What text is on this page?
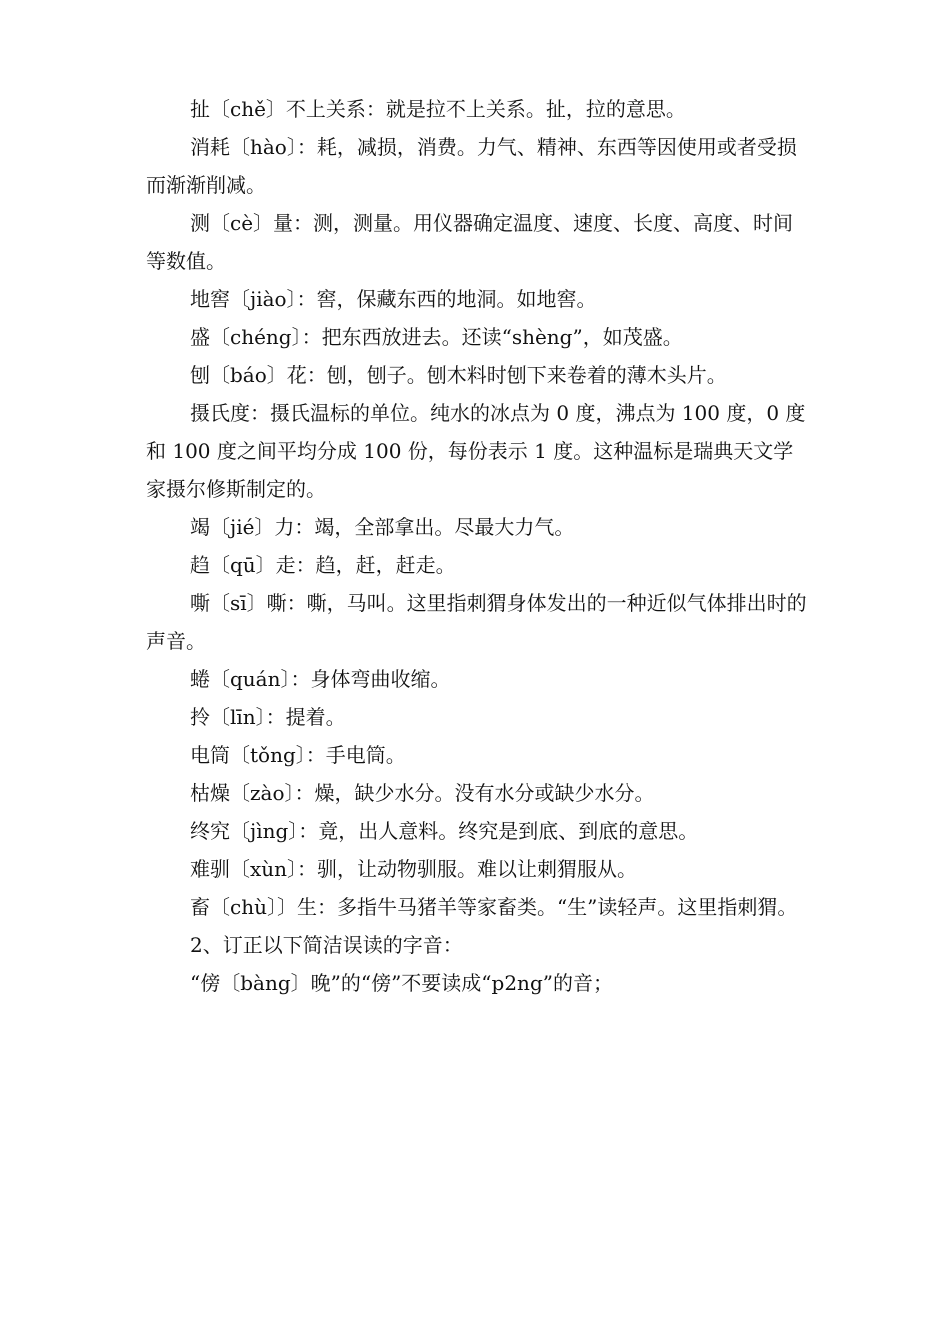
扯〔chě〕不上关系：就是拉不上关系。扯，拉的意思。

消耗〔hào〕：耗，减损，消费。力气、精神、东西等因使用或者受损而渐渐削减。

测〔cè〕量：测，测量。用仪器确定温度、速度、长度、高度、时间等数值。

地窖〔jiào〕：窖，保藏东西的地洞。如地窖。

盛〔chéng〕：把东西放进去。还读“shèng”，如茂盛。

刨〔báo〕花：刨，刨子。刨木料时刨下来卷着的薄木头片。

摄氏度：摄氏温标的单位。纯水的冰点为 0 度，沸点为 100 度，0 度和 100 度之间平均分成 100 份，每份表示 1 度。这种温标是瑞典天文学家摄尔修斯制定的。

竭〔jié〕力：竭，全部拿出。尽最大力气。

趋〔qū〕走：趋，赶，赶走。

嘶〔sī〕嘶：嘶，马叫。这里指刺猬身体发出的一种近似气体排出时的声音。

蜷〔quán〕：身体弯曲收缩。

拎〔līn〕：提着。

电筒〔tǒng〕：手电筒。

枯燥〔zào〕：燥，缺少水分。没有水分或缺少水分。

终究〔jìng〕：竟，出人意料。终究是到底、到底的意思。

难驯〔xùn〕：驯，让动物驯服。难以让刺猬服从。

畜〔chù〕〕生：多指牛马猪羊等家畜类。“生”读轻声。这里指刺猬。

2、订正以下简洁误读的字音：

“傍〔bàng〕晚”的“傍”不要读成“p2ng”的音；
